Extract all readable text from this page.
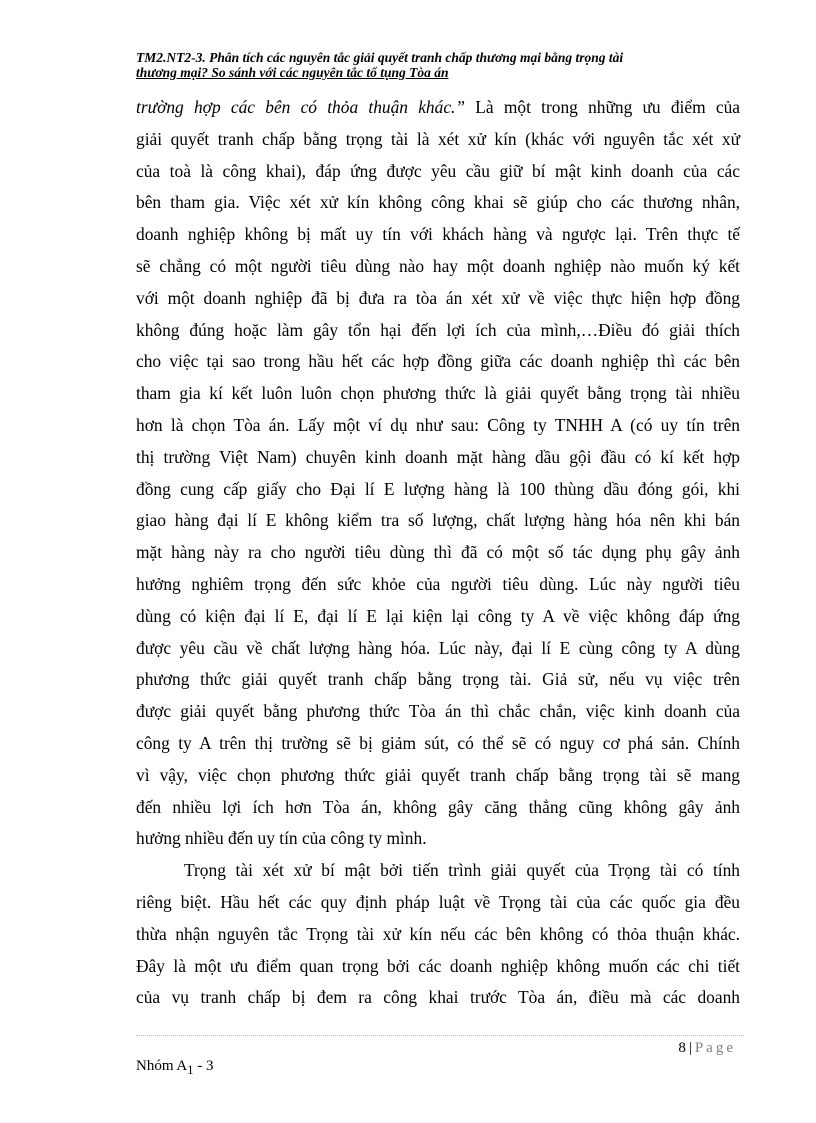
TM2.NT2-3. Phân tích các nguyên tắc giải quyết tranh chấp thương mại bằng trọng tài
thương mại? So sánh với các nguyên tắc tố tụng Tòa án
trường hợp các bên có thỏa thuận khác.” Là một trong những ưu điểm của
giải quyết tranh chấp bằng trọng tài là xét xử kín (khác với nguyên tắc xét xử
của toà là công khai), đáp ứng được yêu cầu giữ bí mật kinh doanh của các
bên tham gia. Việc xét xử kín không công khai sẽ giúp cho các thương nhân,
doanh nghiệp không bị mất uy tín với khách hàng và ngược lại. Trên thực tế
sẽ chẳng có một người tiêu dùng nào hay một doanh nghiệp nào muốn ký kết
với một doanh nghiệp đã bị đưa ra tòa án xét xử về việc thực hiện hợp đồng
không đúng hoặc làm gây tổn hại đến lợi ích của mình,…Điều đó giải thích
cho việc tại sao trong hầu hết các hợp đồng giữa các doanh nghiệp thì các bên
tham gia kí kết luôn luôn chọn phương thức là giải quyết bằng trọng tài nhiều
hơn là chọn Tòa án. Lấy một ví dụ như sau: Công ty TNHH A (có uy tín trên
thị trường Việt Nam) chuyên kinh doanh mặt hàng dầu gội đầu có kí kết hợp
đồng cung cấp giấy cho Đại lí E lượng hàng là 100 thùng dầu đóng gói, khi
giao hàng đại lí E không kiểm tra số lượng, chất lượng hàng hóa nên khi bán
mặt hàng này ra cho người tiêu dùng thì đã có một số tác dụng phụ gây ảnh
hưởng nghiêm trọng đến sức khỏe của người tiêu dùng. Lúc này người tiêu
dùng có kiện đại lí E, đại lí E lại kiện lại công ty A về việc không đáp ứng
được yêu cầu về chất lượng hàng hóa. Lúc này, đại lí E cùng công ty A dùng
phương thức giải quyết tranh chấp bằng trọng tài. Giả sử, nếu vụ việc trên
được giải quyết bằng phương thức Tòa án thì chắc chắn, việc kinh doanh của
công ty A trên thị trường sẽ bị giảm sút, có thể sẽ có nguy cơ phá sản. Chính
vì vậy, việc chọn phương thức giải quyết tranh chấp bằng trọng tài sẽ mang
đến nhiều lợi ích hơn Tòa án, không gây căng thẳng cũng không gây ảnh
hưởng nhiều đến uy tín của công ty mình.
Trọng tài xét xử bí mật bởi tiến trình giải quyết của Trọng tài có tính
riêng biệt. Hầu hết các quy định pháp luật về Trọng tài của các quốc gia đều
thừa nhận nguyên tắc Trọng tài xử kín nếu các bên không có thỏa thuận khác.
Đây là một ưu điểm quan trọng bởi các doanh nghiệp không muốn các chi tiết
của vụ tranh chấp bị đem ra công khai trước Tòa án, điều mà các doanh
8 | Page
Nhóm $A_1 - 3$
